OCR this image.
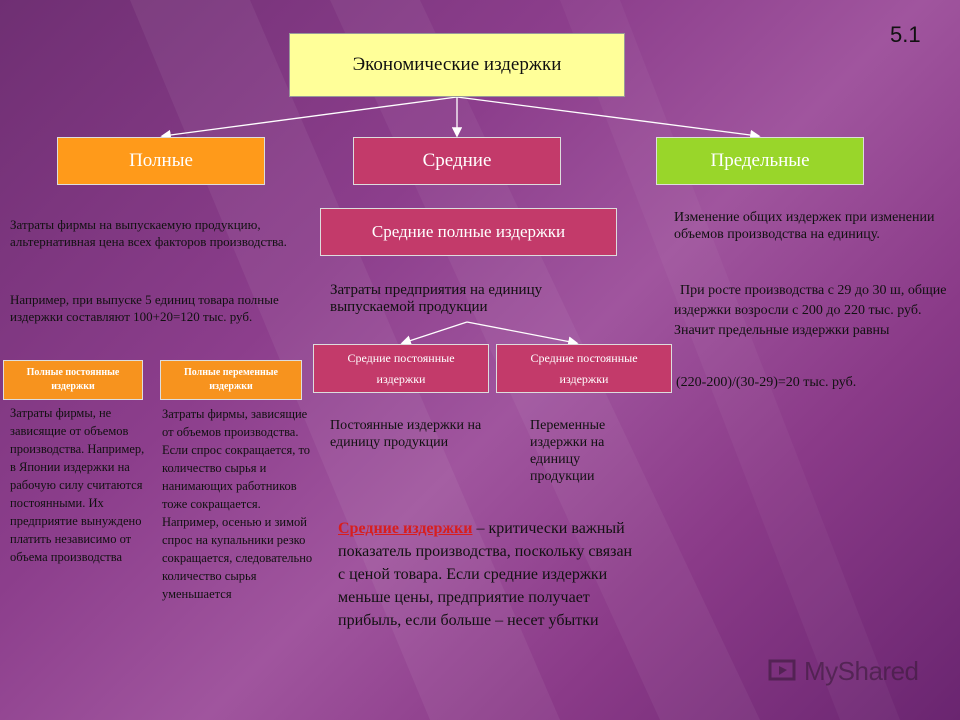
5.1
Экономические издержки
Полные	Средние	Предельные
Средние полные издержки
Затраты фирмы на выпускаемую продукцию, альтернативная цена всех факторов производства.
Например, при выпуске 5 единиц товара полные издержки составляют 100+20=120 тыс. руб.
Полные постоянные издержки
Полные переменные издержки
Затраты фирмы, не зависящие от объемов производства. Например, в Японии издержки на рабочую силу считаются постоянными. Их предприятие вынуждено платить независимо от объема производства
Затраты фирмы, зависящие от объемов производства. Если спрос сокращается, то количество сырья и нанимающих работников тоже сокращается. Например, осенью и зимой спрос на купальники резко сокращается, следовательно количество сырья уменьшается
Затраты предприятия на единицу выпускаемой продукции
Средние постоянные издержки
Средние постоянные издержки
Постоянные издержки на единицу продукции
Переменные издержки на единицу продукции
Средние издержки – критически важный показатель производства, поскольку связан с ценой товара. Если средние издержки меньше цены, предприятие получает прибыль, если больше – несет убытки
Изменение общих издержек при изменении объемов производства на единицу.
При росте производства с 29 до 30 ш, общие издержки возросли с 200 до 220 тыс. руб. Значит предельные издержки равны
(220-200)/(30-29)=20 тыс. руб.
MyShared
